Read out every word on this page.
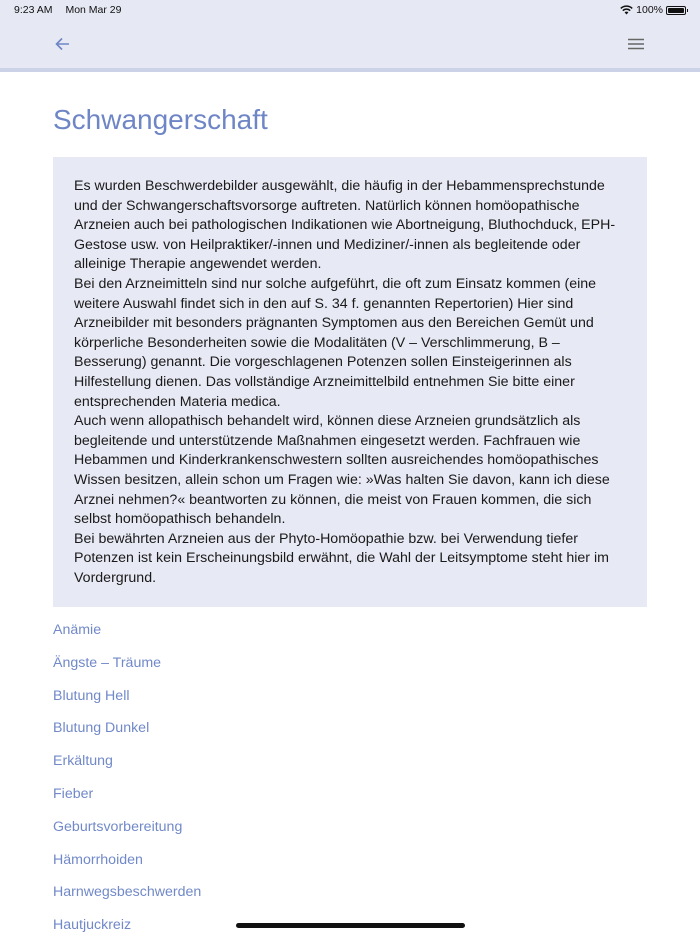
9:23 AM Mon Mar 29	100%
Schwangerschaft
Es wurden Beschwerdebilder ausgewählt, die häufig in der Hebammensprechstunde
und der Schwangerschaftsvorsorge auftreten. Natürlich können homöopathische
Arzneien auch bei pathologischen Indikationen wie Abortneigung, Bluthochduck, EPH-
Gestose usw. von Heilpraktiker/-innen und Mediziner/-innen als begleitende oder
alleinige Therapie angewendet werden.
Bei den Arzneimitteln sind nur solche aufgeführt, die oft zum Einsatz kommen (eine
weitere Auswahl findet sich in den auf S. 34 f. genannten Repertorien) Hier sind
Arzneibilder mit besonders prägnanten Symptomen aus den Bereichen Gemüt und
körperliche Besonderheiten sowie die Modalitäten (V – Verschlimmerung, B –
Besserung) genannt. Die vorgeschlagenen Potenzen sollen Einsteigerinnen als
Hilfestellung dienen. Das vollständige Arzneimittelbild entnehmen Sie bitte einer
entsprechenden Materia medica.
Auch wenn allopathisch behandelt wird, können diese Arzneien grundsätzlich als
begleitende und unterstützende Maßnahmen eingesetzt werden. Fachfrauen wie
Hebammen und Kinderkrankenschwestern sollten ausreichendes homöopathisches
Wissen besitzen, allein schon um Fragen wie: »Was halten Sie davon, kann ich diese
Arznei nehmen?« beantworten zu können, die meist von Frauen kommen, die sich
selbst homöopathisch behandeln.
Bei bewährten Arzneien aus der Phyto-Homöopathie bzw. bei Verwendung tiefer
Potenzen ist kein Erscheinungsbild erwähnt, die Wahl der Leitsymptome steht hier im
Vordergrund.
Anämie
Ängste – Träume
Blutung Hell
Blutung Dunkel
Erkältung
Fieber
Geburtsvorbereitung
Hämorrhoiden
Harnwegsbeschwerden
Hautjuckreiz
